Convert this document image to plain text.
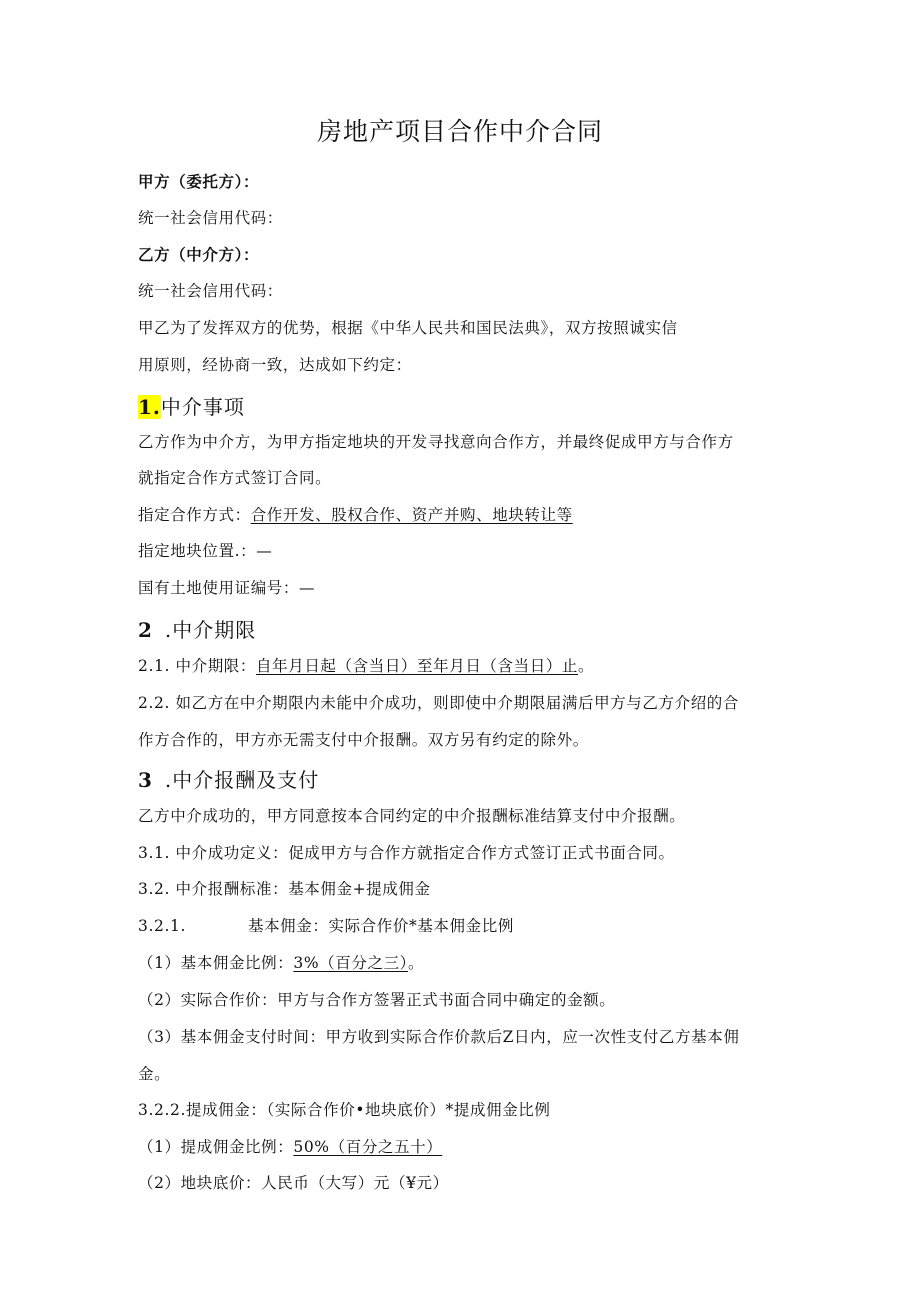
房地产项目合作中介合同
甲方（委托方）：
统一社会信用代码：
乙方（中介方）：
统一社会信用代码：
甲乙为了发挥双方的优势，根据《中华人民共和国民法典》，双方按照诚实信
用原则，经协商一致，达成如下约定：
1.中介事项
乙方作为中介方，为甲方指定地块的开发寻找意向合作方，并最终促成甲方与合作方
就指定合作方式签订合同。
指定合作方式：合作开发、股权合作、资产并购、地块转让等
指定地块位置.：—
国有土地使用证编号：—
2 .中介期限
2.1. 中介期限：自年月日起（含当日）至年月日（含当日）止。
2.2. 如乙方在中介期限内未能中介成功，则即使中介期限届满后甲方与乙方介绍的合
作方合作的，甲方亦无需支付中介报酬。双方另有约定的除外。
3 .中介报酬及支付
乙方中介成功的，甲方同意按本合同约定的中介报酬标准结算支付中介报酬。
3.1. 中介成功定义：促成甲方与合作方就指定合作方式签订正式书面合同。
3.2. 中介报酬标准：基本佣金+提成佣金
3.2.1.	基本佣金：实际合作价*基本佣金比例
（1）基本佣金比例：3%（百分之三）。
（2）实际合作价：甲方与合作方签署正式书面合同中确定的金额。
（3）基本佣金支付时间：甲方收到实际合作价款后Z日内，应一次性支付乙方基本佣
金。
3.2.2.提成佣金：（实际合作价•地块底价）*提成佣金比例
（1）提成佣金比例：50%（百分之五十）
（2）地块底价：人民币（大写）元（¥元）
